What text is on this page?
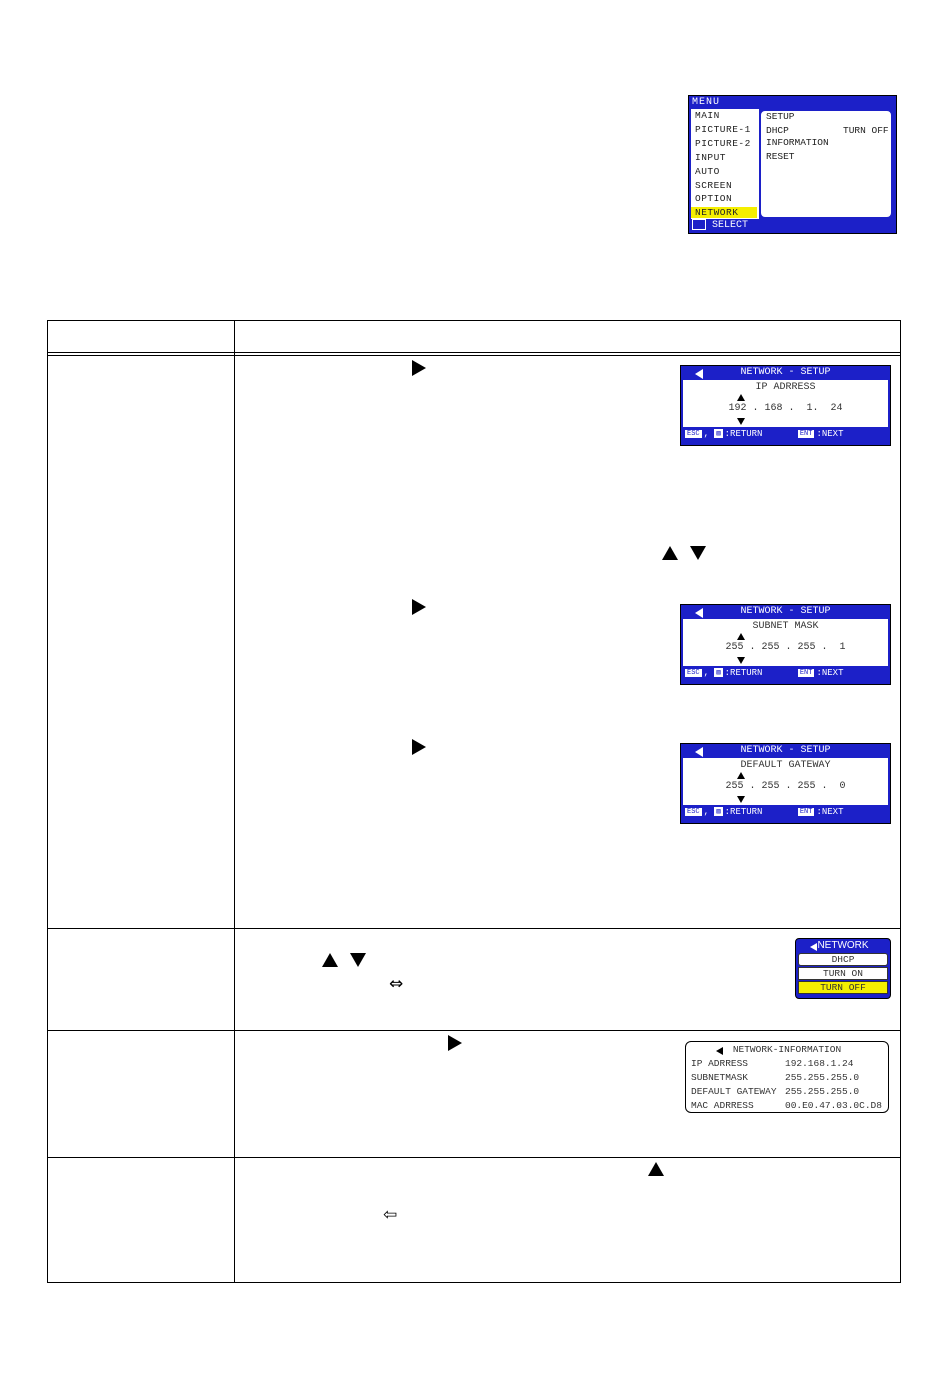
MENU
MAIN
PICTURE-1
PICTURE-2
INPUT
AUTO
SCREEN
OPTION
NETWORK
SETUP
DHCP	TURN OFF
INFORMATION
RESET
SELECT
NETWORK - SETUP
IP ADRRESS
192 . 168 .  1.  24
ESC , ▨ :RETURN	ENT :NEXT
NETWORK - SETUP
SUBNET MASK
255 . 255 . 255 .  1
ESC , ▨ :RETURN	ENT :NEXT
NETWORK - SETUP
DEFAULT GATEWAY
255 . 255 . 255 .  0
ESC , ▨ :RETURN	ENT :NEXT
⇔
NETWORK
DHCP
TURN ON
TURN OFF
NETWORK-INFORMATION
IP ADRRESS	192.168.1.24
SUBNETMASK	255.255.255.0
DEFAULT GATEWAY 255.255.255.0
MAC ADRRESS	00.E0.47.03.0C.D8
⇦
